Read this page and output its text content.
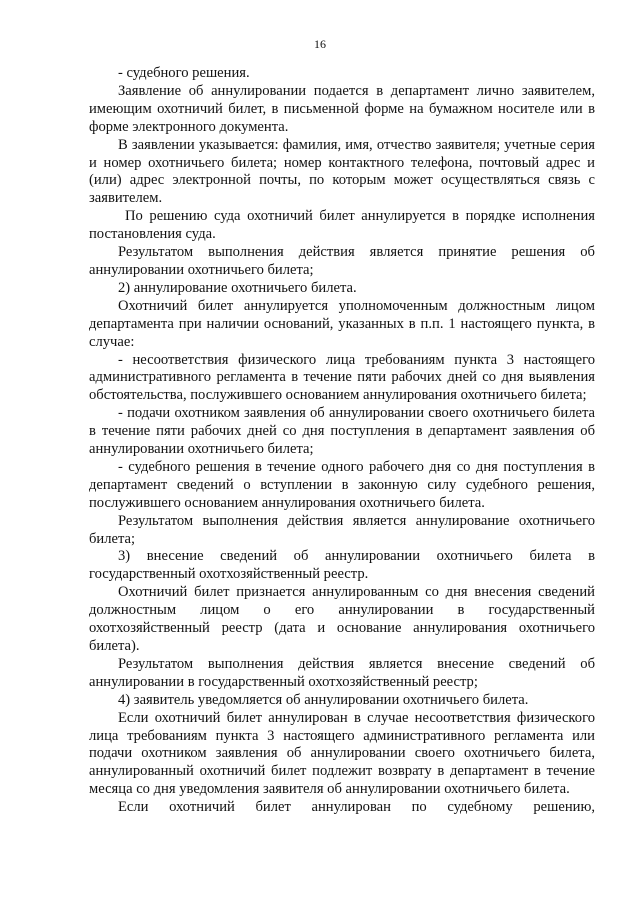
16

- судебного решения.

Заявление об аннулировании подается в департамент лично заявителем, имеющим охотничий билет, в письменной форме на бумажном носителе или в форме электронного документа.

В заявлении указывается: фамилия, имя, отчество заявителя; учетные серия и номер охотничьего билета; номер контактного телефона, почтовый адрес и (или) адрес электронной почты, по которым может осуществляться связь с заявителем.

По решению суда охотничий билет аннулируется в порядке исполнения постановления суда.

Результатом выполнения действия является принятие решения об аннулировании охотничьего билета;

2) аннулирование охотничьего билета.

Охотничий билет аннулируется уполномоченным должностным лицом департамента при наличии оснований, указанных в п.п. 1 настоящего пункта, в случае:

- несоответствия физического лица требованиям пункта 3 настоящего административного регламента в течение пяти рабочих дней со дня выявления обстоятельства, послужившего основанием аннулирования охотничьего билета;

- подачи охотником заявления об аннулировании своего охотничьего билета в течение пяти рабочих дней со дня поступления в департамент заявления об аннулировании охотничьего билета;

- судебного решения в течение одного рабочего дня со дня поступления в департамент сведений о вступлении в законную силу судебного решения, послужившего основанием аннулирования охотничьего билета.

Результатом выполнения действия является аннулирование охотничьего билета;

3) внесение сведений об аннулировании охотничьего билета в государственный охотхозяйственный реестр.

Охотничий билет признается аннулированным со дня внесения сведений должностным лицом о его аннулировании в государственный охотхозяйственный реестр (дата и основание аннулирования охотничьего билета).

Результатом выполнения действия является внесение сведений об аннулировании в государственный охотхозяйственный реестр;

4) заявитель уведомляется об аннулировании охотничьего билета.

Если охотничий билет аннулирован в случае несоответствия физического лица требованиям пункта 3 настоящего административного регламента или подачи охотником заявления об аннулировании своего охотничьего билета, аннулированный охотничий билет подлежит возврату в департамент в течение месяца со дня уведомления заявителя об аннулировании охотничьего билета.

Если охотничий билет аннулирован по судебному решению,
